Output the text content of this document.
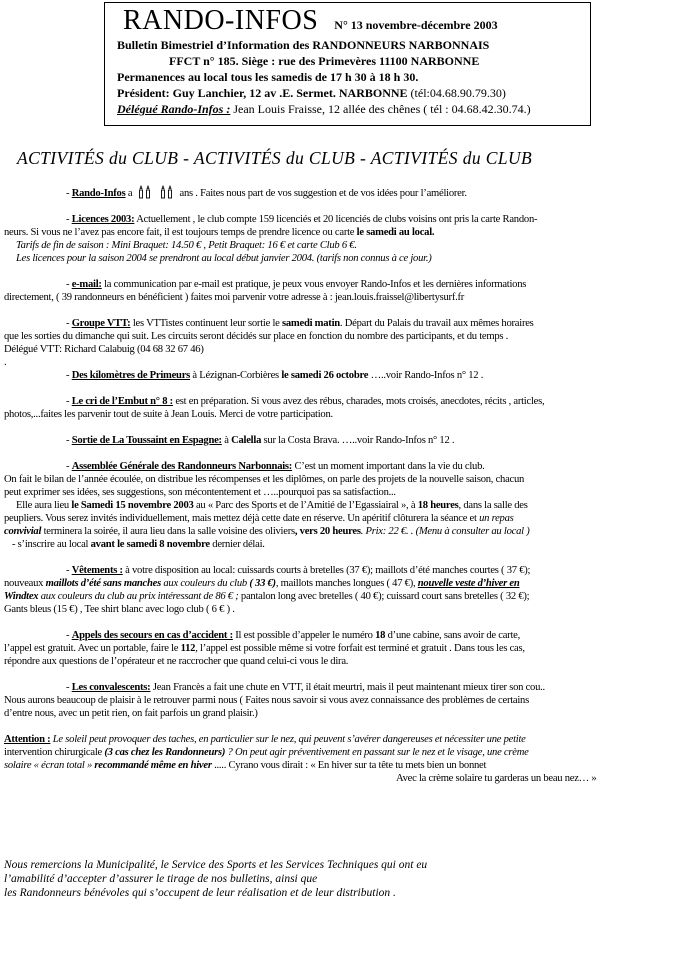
RANDO-INFOS N° 13 novembre-décembre 2003
Bulletin Bimestriel d’Information des RANDONNEURS NARBONNAIS
FFCT n° 185. Siège : rue des Primevères 11100 NARBONNE
Permanences au local tous les samedis de 17 h 30 à 18 h 30.
Président: Guy Lanchier, 12 av .E. Sermet. NARBONNE (tél:04.68.90.79.30)
Délégué Rando-Infos : Jean Louis Fraisse, 12 allée des chênes ( tél : 04.68.42.30.74.)
ACTIVITÉS du CLUB - ACTIVITÉS du CLUB - ACTIVITÉS du CLUB

- Rando-Infos a	ans . Faites nous part de vos suggestion et de vos idées pour l’améliorer.

- Licences 2003: Actuellement , le club compte 159 licenciés et 20 licenciés de clubs voisins ont pris la carte Randon-

neurs. Si vous ne l’avez pas encore fait, il est toujours temps de prendre licence ou carte le samedi au local.

Tarifs de fin de saison : Mini Braquet: 14.50 € , Petit Braquet: 16 € et carte Club 6 €.

Les licences pour la saison 2004 se prendront au local début janvier 2004. (tarifs non connus à ce jour.)

- e-mail: la communication par e-mail est pratique, je peux vous envoyer Rando-Infos et les dernières informations

directement, ( 39 randonneurs en bénéficient ) faites moi parvenir votre adresse à : jean.louis.fraissel@libertysurf.fr

- Groupe VTT: les VTTistes continuent leur sortie le samedi matin. Départ du Palais du travail aux mêmes horaires

que les sorties du dimanche qui suit. Les circuits seront décidés sur place en fonction du nombre des participants, et du temps .

Délégué VTT: Richard Calabuig (04 68 32 67 46)

.

- Des kilomètres de Primeurs à Lézignan-Corbières le samedi 26 octobre …..voir Rando-Infos n° 12 .

- Le cri de l’Embut n° 8 : est en préparation. Si vous avez des rébus, charades, mots croisés, anecdotes, récits , articles,

photos,...faites les parvenir tout de suite à Jean Louis. Merci de votre participation.

- Sortie de La Toussaint en Espagne: à Calella sur la Costa Brava. …..voir Rando-Infos n° 12 .

- Assemblée Générale des Randonneurs Narbonnais: C’est un moment important dans la vie du club.

On fait le bilan de l’année écoulée, on distribue les récompenses et les diplômes, on parle des projets de la nouvelle saison, chacun

peut exprimer ses idées, ses suggestions, son mécontentement et …..pourquoi pas sa satisfaction...

Elle aura lieu le Samedi 15 novembre 2003 au « Parc des Sports et de l’Amitié de l’Egassiairal », à 18 heures, dans la salle des

peupliers. Vous serez invités individuellement, mais mettez déjà cette date en réserve. Un apéritif clôturera la séance et un repas

convivial terminera la soirée, il aura lieu dans la salle voisine des oliviers, vers 20 heures. Prix: 22 €. . (Menu à consulter au local )

- s’inscrire au local avant le samedi 8 novembre dernier délai.

- Vêtements : à votre disposition au local: cuissards courts à bretelles (37 €); maillots d’été manches courtes ( 37 €);

nouveaux maillots d’été sans manches aux couleurs du club ( 33 €), maillots manches longues ( 47 €), nouvelle veste d’hiver en

Windtex aux couleurs du club au prix intéressant de 86 € ; pantalon long avec bretelles ( 40 €); cuissard court sans bretelles ( 32 €);

Gants bleus (15 €) , Tee shirt blanc avec logo club ( 6 € ) .

- Appels des secours en cas d’accident : Il est possible d’appeler le numéro 18 d’une cabine, sans avoir de carte,

l’appel est gratuit. Avec un portable, faire le 112, l’appel est possible même si votre forfait est terminé et gratuit . Dans tous les cas,

répondre aux questions de l’opérateur et ne raccrocher que quand celui-ci vous le dira.

- Les convalescents: Jean Francès a fait une chute en VTT, il était meurtri, mais il peut maintenant mieux tirer son cou..

Nous aurons beaucoup de plaisir à le retrouver parmi nous ( Faites nous savoir si vous avez connaissance des problèmes de certains

d’entre nous, avec un petit rien, on fait parfois un grand plaisir.)

Attention : Le soleil peut provoquer des taches, en particulier sur le nez, qui peuvent s’avérer dangereuses et nécessiter une petite

intervention chirurgicale (3 cas chez les Randonneurs) ? On peut agir préventivement en passant sur le nez et le visage, une crème

solaire « écran total » recommandé même en hiver ..... Cyrano vous dirait : « En hiver sur ta tête tu mets bien un bonnet

Avec la crème solaire tu garderas un beau nez… »

Nous remercions la Municipalité, le Service des Sports et les Services Techniques qui ont eu
l’amabilité d’accepter d’assurer le tirage de nos bulletins, ainsi que
les Randonneurs bénévoles qui s’occupent de leur réalisation et de leur distribution .
